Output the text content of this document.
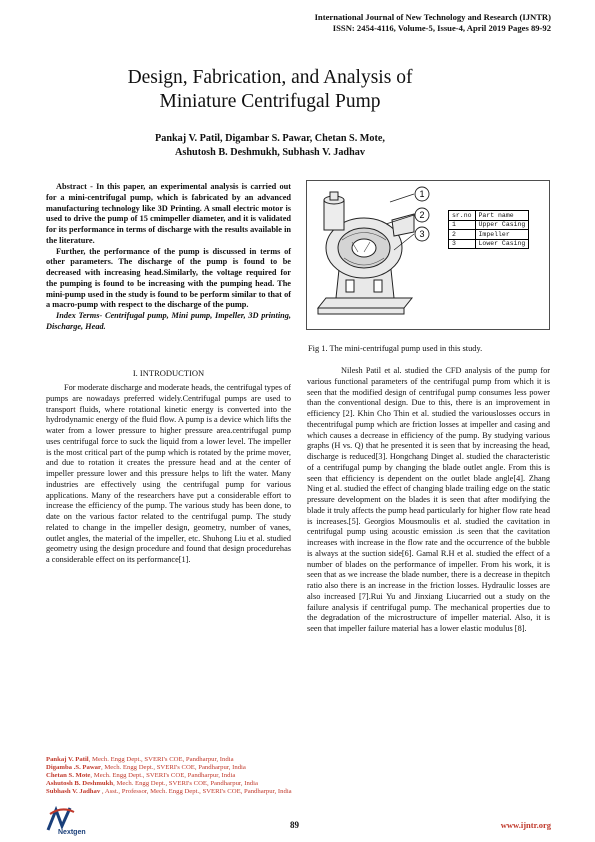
International Journal of New Technology and Research (IJNTR)
ISSN: 2454-4116, Volume-5, Issue-4, April 2019 Pages 89-92
Design, Fabrication, and Analysis of
Miniature Centrifugal Pump
Pankaj V. Patil, Digambar S. Pawar, Chetan S. Mote,
Ashutosh B. Deshmukh, Subhash V. Jadhav

Abstract - In this paper, an experimental analysis is carried out for a mini-centrifugal pump, which is fabricated by an advanced manufacturing technology like 3D Printing. A small electric motor is used to drive the pump of 15 cmimpeller diameter, and it is validated for its performance in terms of discharge with the results available in the literature.

Further, the performance of the pump is discussed in terms of other parameters. The discharge of the pump is found to be decreased with increasing head.Similarly, the voltage required for the pumping is found to be increasing with the pumping head. The mini-pump used in the study is found to be perform similar to that of a macro-pump with respect to the discharge of the pump.

Index Terms- Centrifugal pump, Mini pump, Impeller, 3D printing, Discharge, Head.

I. INTRODUCTION

For moderate discharge and moderate heads, the centrifugal types of pumps are nowadays preferred widely.Centrifugal pumps are used to transport fluids, where rotational kinetic energy is converted into the hydrodynamic energy of the fluid flow. A pump is a device which lifts the water from a lower pressure to higher pressure area.centrifugal pump uses centrifugal force to suck the liquid from a lower level. The impeller is the most critical part of the pump which is rotated by the prime mover, and due to rotation it creates the pressure head and at the center of impeller pressure lower and this pressure helps to lift the water. Many industries are effectively using the centrifugal pump for various applications. Many of the researchers have put a considerable effort to increase the efficiency of the pump. The various study has been done, to date on the various factor related to the centrifugal pump. The study related to change in the impeller design, geometry, number of vanes, outlet angles, the material of the impeller, etc. Shuhong Liu et al. studied geometry using the design procedure and found that design procedurehas a considerable effect on its performance[1].

1
2
3
sr.no	Part name
1	Upper Casing
2	Impeller
3	Lower Casing
Fig 1. The mini-centrifugal pump used in this study.

Nilesh Patil et al. studied the CFD analysis of the pump for various functional parameters of the centrifugal pump from which it is seen that the modified design of centrifugal pump consumes less power than the conventional design. Due to this, there is an improvement in efficiency [2]. Khin Cho Thin et al. studied the variouslosses occurs in thecentrifugal pump which are friction losses at impeller and casing and which causes a decrease in efficiency of the pump. By studying various graphs (H vs. Q) that he presented it is seen that by increasing the head, discharge is reduced[3]. Hongchang Dinget al. studied the characteristic of a centrifugal pump by changing the blade outlet angle. From this is seen that efficiency is dependent on the outlet blade angle[4]. Zhang Ning et al. studied the effect of changing blade trailing edge on the static pressure development on the blades it is seen that after modifying the blade it truly affects the pump head particularly for higher flow rate head is increases.[5]. Georgios Mousmoulis et al. studied the cavitation in centrifugal pump using acoustic emission .is seen that the cavitation increases with increase in the flow rate and the occurrence of the bubble is always at the suction side[6]. Gamal R.H et al. studied the effect of a number of blades on the performance of impeller. From his work, it is seen that as we increase the blade number, there is a decrease in thepitch ratio also there is an increase in the friction losses. Hydraulic losses are also increased [7].Rui Yu and Jinxiang Liucarried out a study on the failure analysis if centrifugal pump. The mechanical properties due to the degradation of the microstructure of impeller material. Also, it is seen that impeller failure material has a lower elastic modulus [8].

Pankaj V. Patil, Mech. Engg Dept., SVERI's COE, Pandharpur, India
Digamba .S. Pawar, Mech. Engg Dept., SVERI's COE, Pandharpur, India
Chetan S. Mote, Mech. Engg Dept., SVERI's COE, Pandharpur, India
Ashutosh B. Deshmukh, Mech. Engg Dept., SVERI's COE, Pandharpur, India
Subhash V. Jadhav , Asst., Professor, Mech. Engg Dept., SVERI's COE, Pandharpur, India
Nextgen
89	www.ijntr.org
